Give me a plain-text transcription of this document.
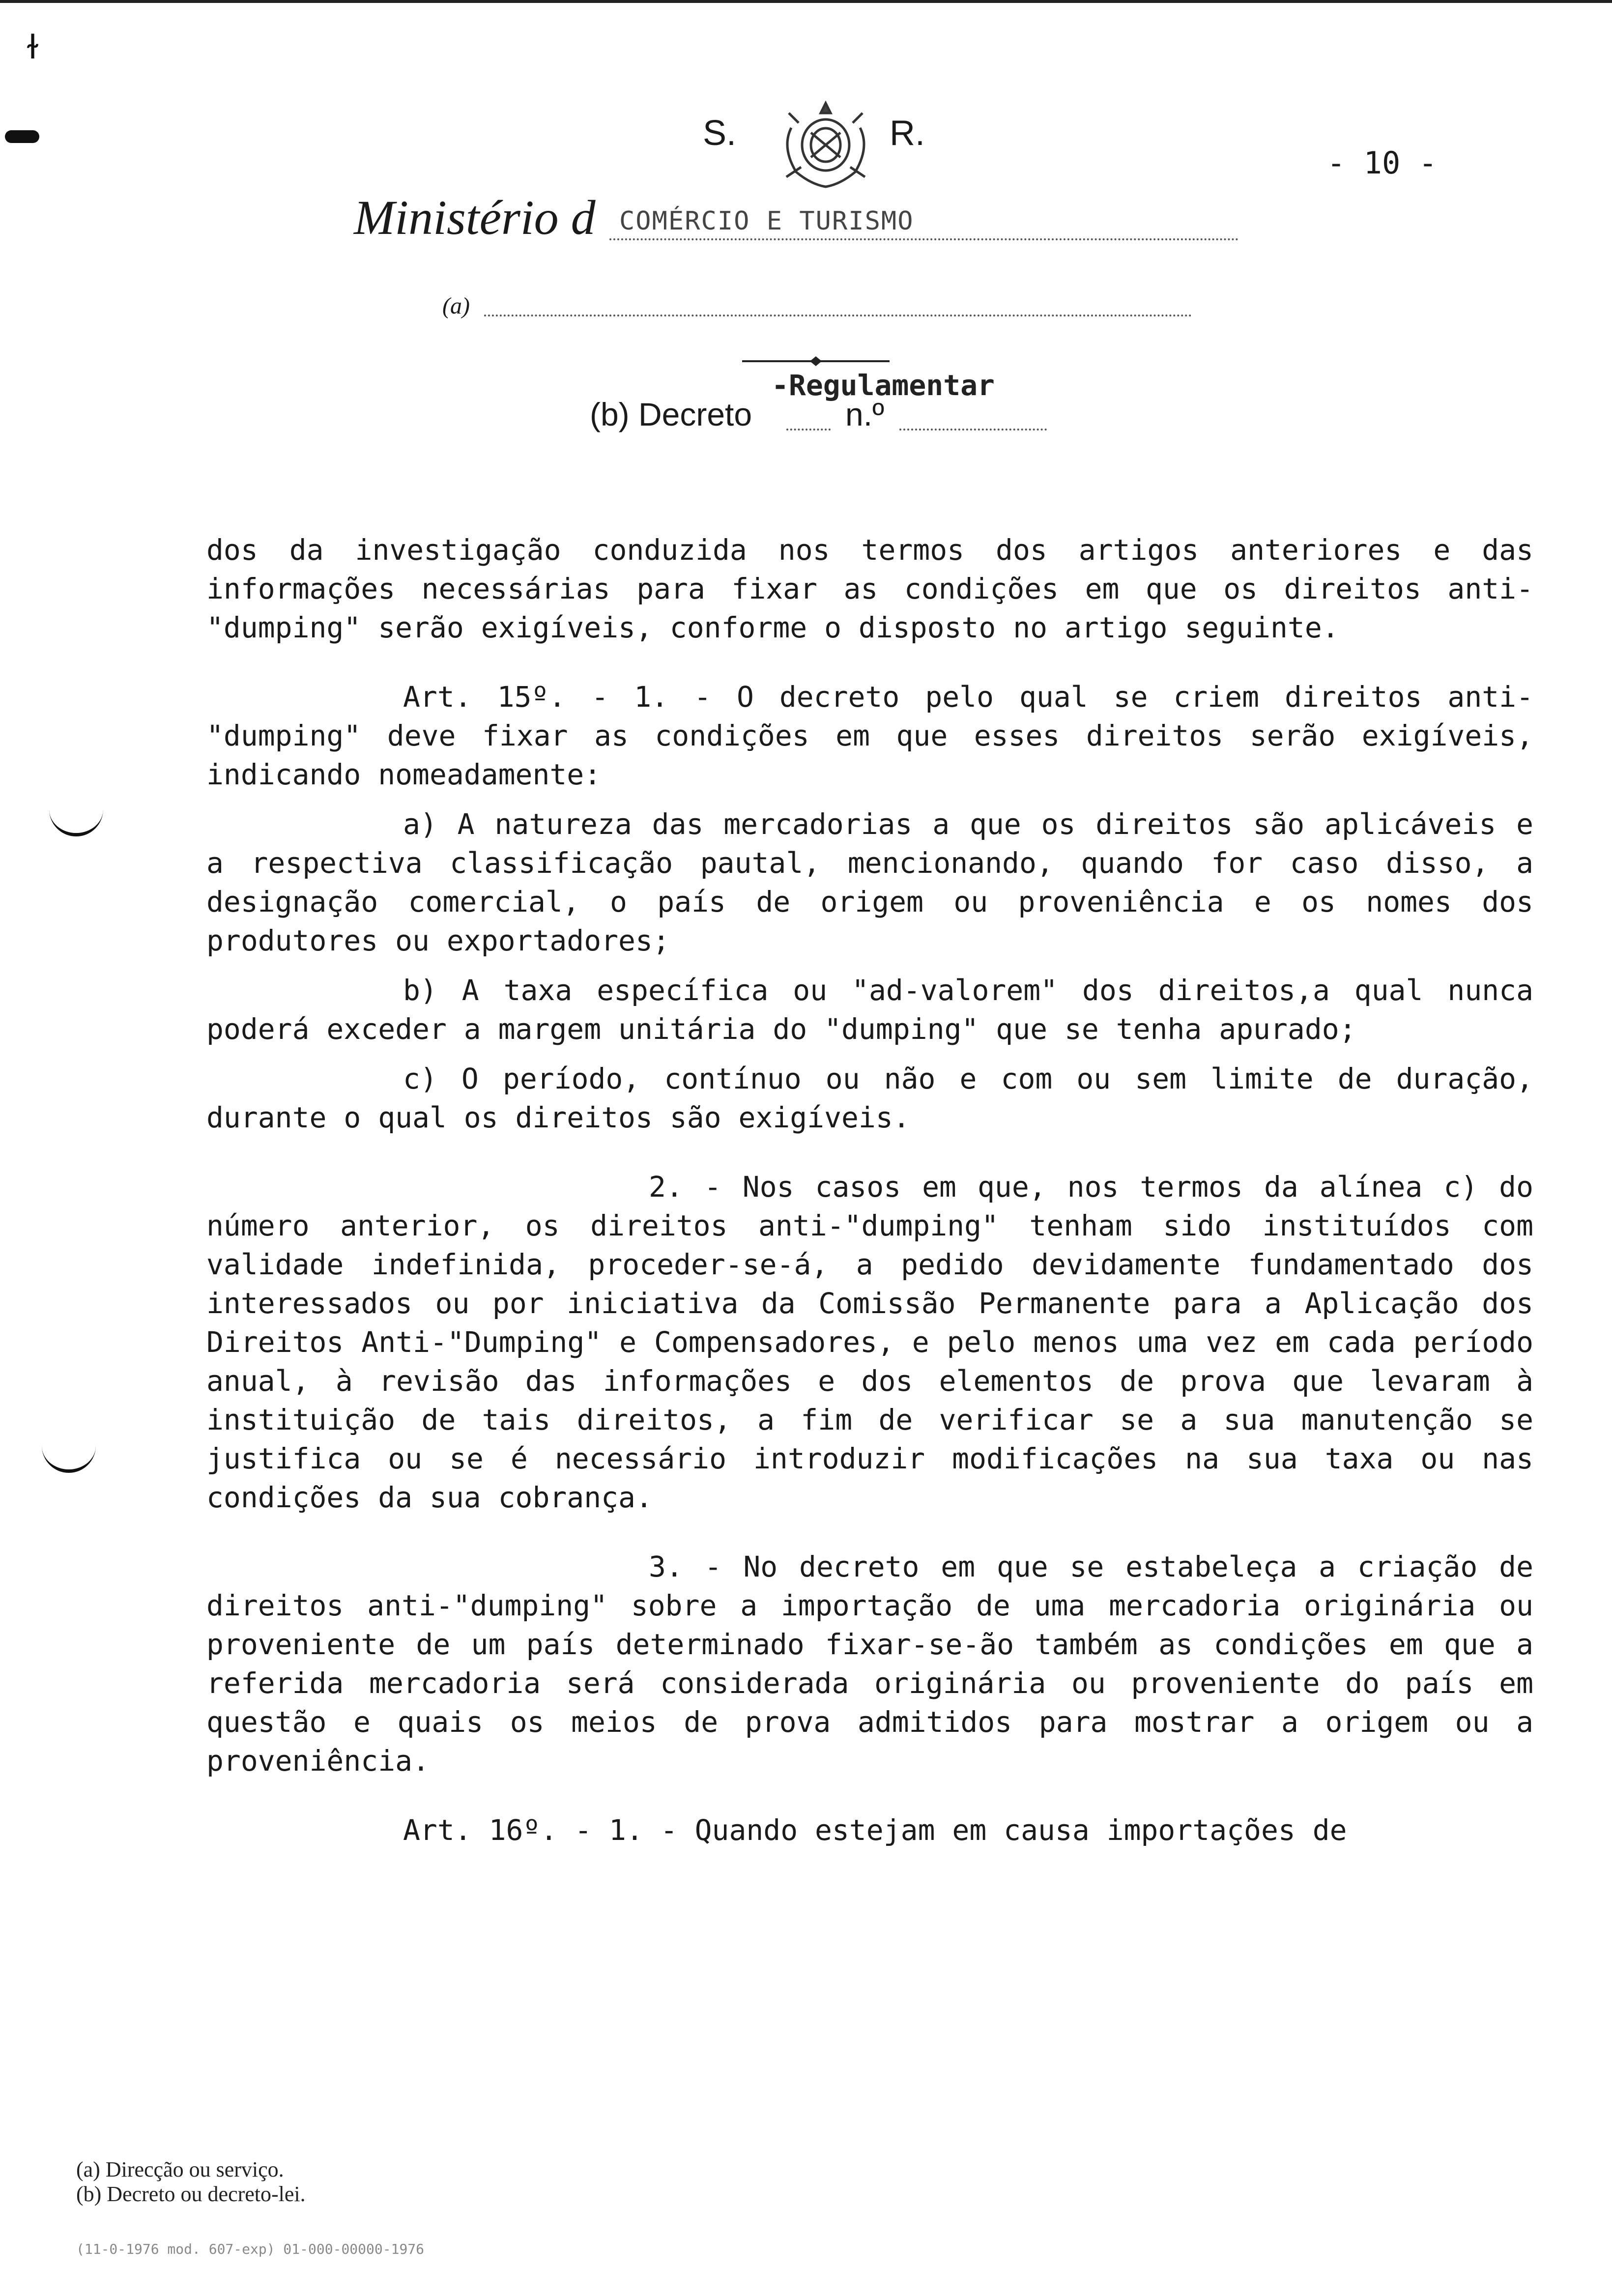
ɫ
S.	R.
- 10 -
Ministério d COMÉRCIO E TURISMO
(a)
-Regulamentar
(b) Decreto	n.º

dos da investigação conduzida nos termos dos artigos anteriores e das informações necessárias para fixar as condições em que os direitos anti-"dumping" serão exigíveis, conforme o disposto no artigo seguinte.

Art. 15º. - 1. - O decreto pelo qual se criem direitos anti-"dumping" deve fixar as condições em que esses direitos serão exigíveis, indicando nomeadamente:

a) A natureza das mercadorias a que os direitos são aplicáveis e a respectiva classificação pautal, mencionando, quando for caso disso, a designação comercial, o país de origem ou proveniência e os nomes dos produtores ou exportadores;

b) A taxa específica ou "ad-valorem" dos direitos,a qual nunca poderá exceder a margem unitária do "dumping" que se tenha apurado;

c) O período, contínuo ou não e com ou sem limite de duração, durante o qual os direitos são exigíveis.

2. - Nos casos em que, nos termos da alínea c) do número anterior, os direitos anti-"dumping" tenham sido instituídos com validade indefinida, proceder-se-á, a pedido devidamente fundamentado dos interessados ou por iniciativa da Comissão Permanente para a Aplicação dos Direitos Anti-"Dumping" e Compensadores, e pelo menos uma vez em cada período anual, à revisão das informações e dos elementos de prova que levaram à instituição de tais direitos, a fim de verificar se a sua manutenção se justifica ou se é necessário introduzir modificações na sua taxa ou nas condições da sua cobrança.

3. - No decreto em que se estabeleça a criação de direitos anti-"dumping" sobre a importação de uma mercadoria originária ou proveniente de um país determinado fixar-se-ão também as condições em que a referida mercadoria será considerada originária ou proveniente do país em questão e quais os meios de prova admitidos para mostrar a origem ou a proveniência.

Art. 16º. - 1. - Quando estejam em causa importações de

(a) Direcção ou serviço.
(b) Decreto ou decreto-lei.
(11-0-1976 mod. 607-exp) 01-000-00000-1976
